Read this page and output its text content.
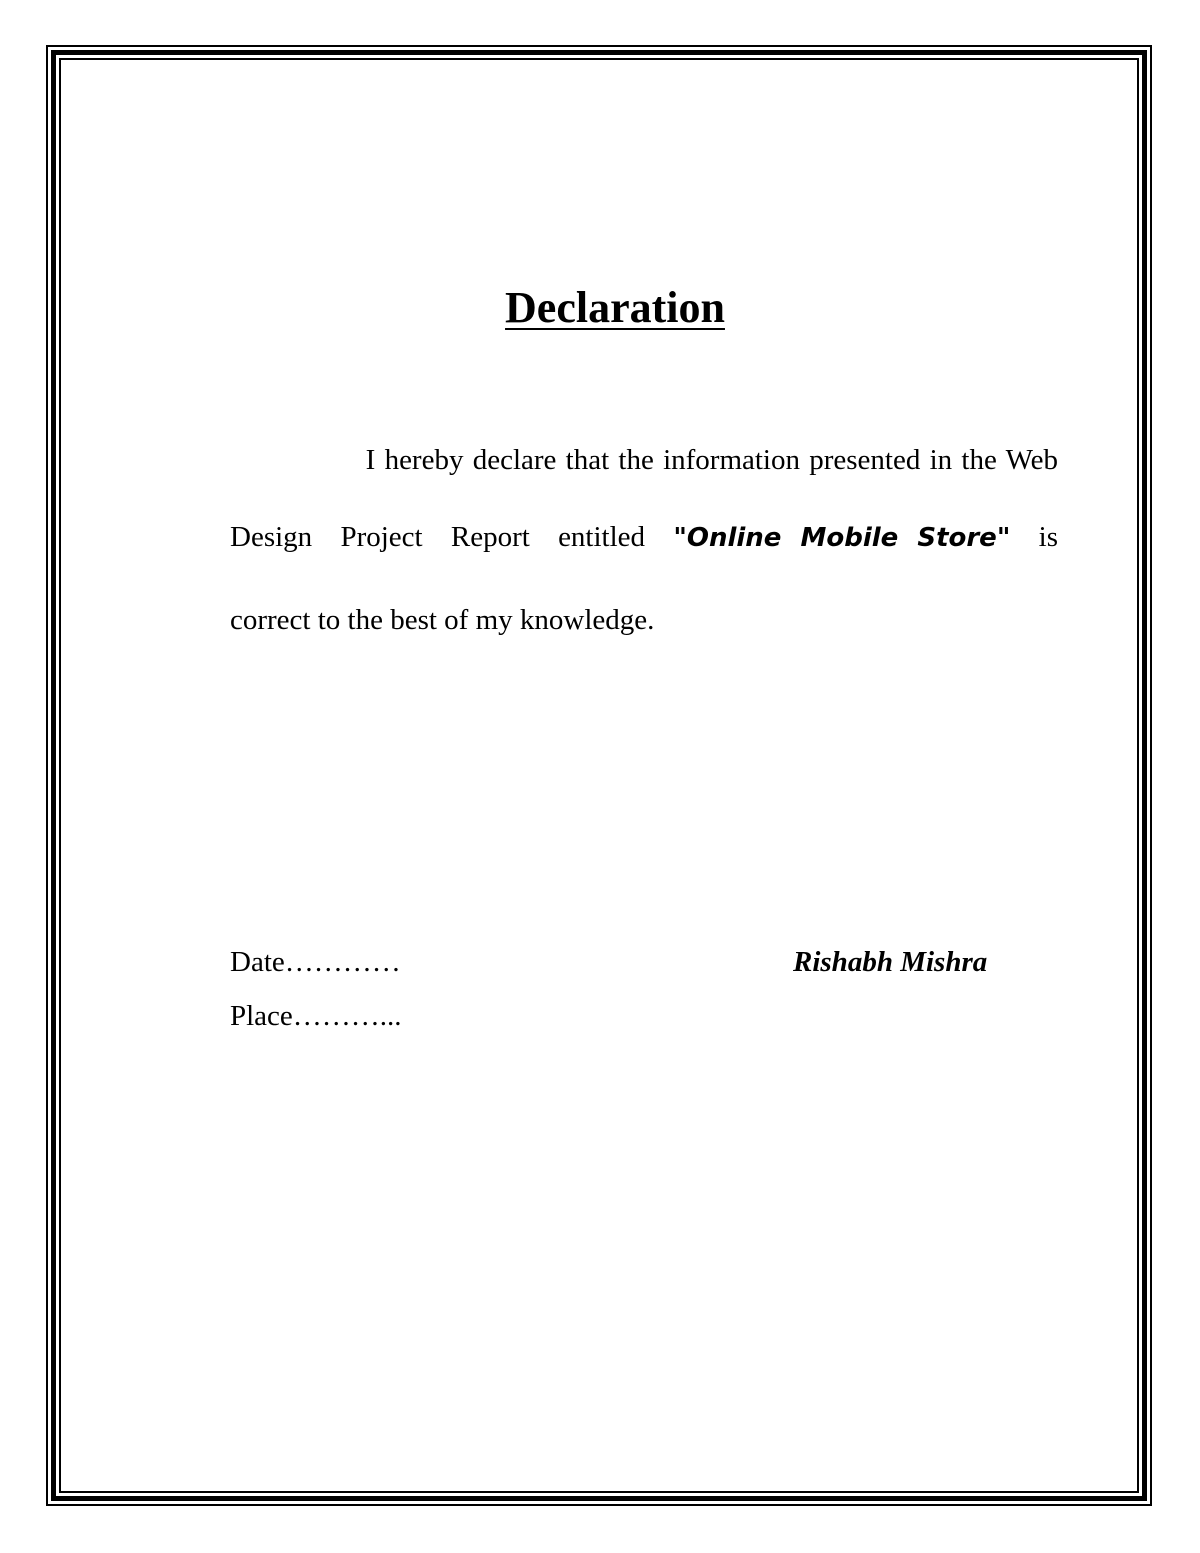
Declaration
I hereby declare that the information presented in the Web
Design Project Report entitled "Online Mobile Store" is
correct to the best of my knowledge.
Date…………
Place………...
Rishabh Mishra
